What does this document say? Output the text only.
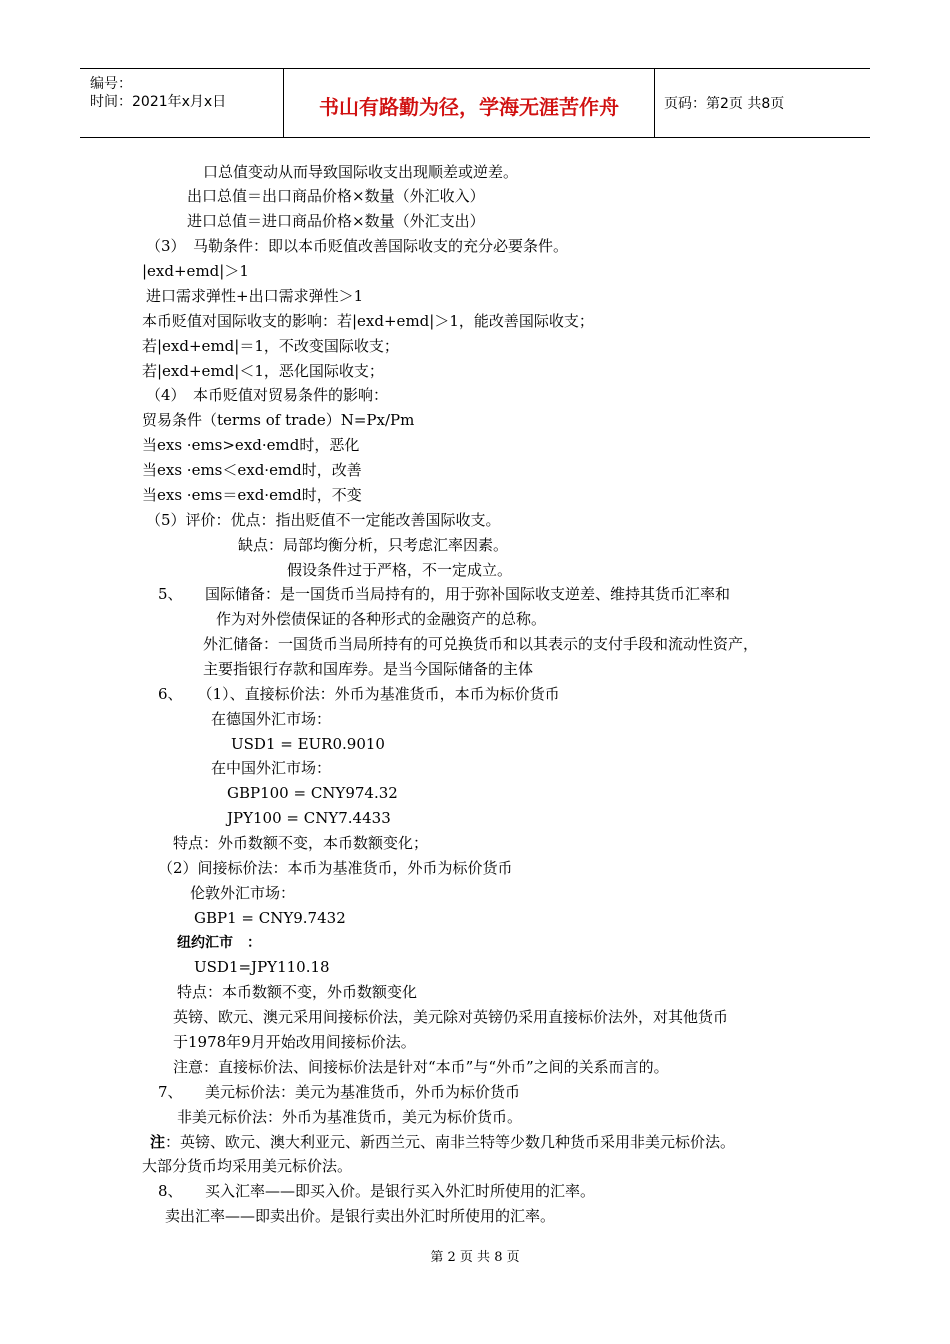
编号：
时间：2021年x月x日	书山有路勤为径，学海无涯苦作舟	页码：第2页 共8页
口总值变动从而导致国际收支出现顺差或逆差。
出口总值＝出口商品价格×数量（外汇收入）
进口总值＝进口商品价格×数量（外汇支出）
（3）　马勒条件：即以本币贬值改善国际收支的充分必要条件。
|exd+emd|＞1
进口需求弹性+出口需求弹性＞1
本币贬值对国际收支的影响：若|exd+emd|＞1，能改善国际收支；
若|exd+emd|＝1，不改变国际收支；
若|exd+emd|＜1，恶化国际收支；
（4）　本币贬值对贸易条件的影响：
贸易条件（terms of trade）N=Px/Pm
当exs ·ems>exd·emd时，恶化
当exs ·ems＜exd·emd时，改善
当exs ·ems＝exd·emd时，不变
（5）评价：优点：指出贬值不一定能改善国际收支。
缺点：局部均衡分析，只考虑汇率因素。
假设条件过于严格，不一定成立。
5、　　国际储备：是一国货币当局持有的，用于弥补国际收支逆差、维持其货币汇率和
作为对外偿债保证的各种形式的金融资产的总称。
外汇储备：一国货币当局所持有的可兑换货币和以其表示的支付手段和流动性资产，
主要指银行存款和国库券。是当今国际储备的主体
6、　　（1）、直接标价法：外币为基准货币，本币为标价货币
在德国外汇市场：
USD1 = EUR0.9010
在中国外汇市场：
GBP100 = CNY974.32
JPY100 = CNY7.4433
特点：外币数额不变，本币数额变化；
（2）间接标价法：本币为基准货币，外币为标价货币
伦敦外汇市场：
GBP1 = CNY9.7432
纽约汇市　：
USD1=JPY110.18
特点：本币数额不变，外币数额变化
英镑、欧元、澳元采用间接标价法，美元除对英镑仍采用直接标价法外，对其他货币
于1978年9月开始改用间接标价法。
注意：直接标价法、间接标价法是针对“本币”与“外币”之间的关系而言的。
7、　　美元标价法：美元为基准货币，外币为标价货币
非美元标价法：外币为基准货币，美元为标价货币。
注：英镑、欧元、澳大利亚元、新西兰元、南非兰特等少数几种货币采用非美元标价法。
大部分货币均采用美元标价法。
8、　　买入汇率——即买入价。是银行买入外汇时所使用的汇率。
卖出汇率——即卖出价。是银行卖出外汇时所使用的汇率。
第 2 页 共 8 页
